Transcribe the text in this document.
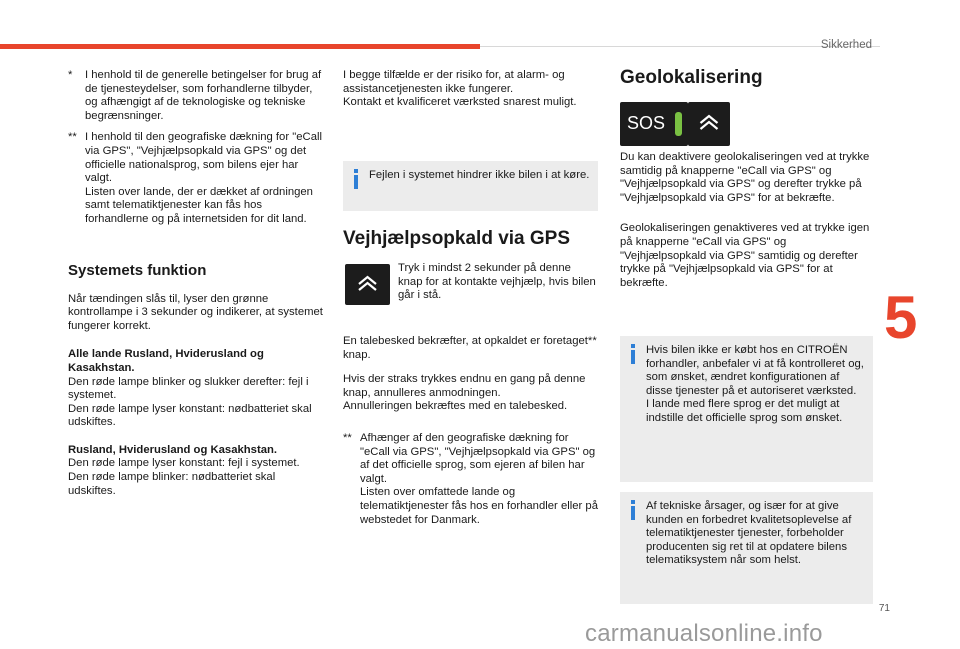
Sikkerhed
5
* I henhold til de generelle betingelser for brug af de tjenesteydelser, som forhandlerne tilbyder, og afhængigt af de teknologiske og tekniske begrænsninger.

** I henhold til den geografiske dækning for "eCall via GPS", "Vejhjælpsopkald via GPS" og det officielle nationalsprog, som bilens ejer har valgt.
Listen over lande, der er dækket af ordningen samt telematiktjenester kan fås hos forhandlerne og på internetsiden for dit land.

Systemets funktion

Når tændingen slås til, lyser den grønne kontrollampe i 3 sekunder og indikerer, at systemet fungerer korrekt.

Alle lande Rusland, Hviderusland og Kasakhstan.

Den røde lampe blinker og slukker derefter: fejl i systemet.
Den røde lampe lyser konstant: nødbatteriet skal udskiftes.

Rusland, Hviderusland og Kasakhstan.

Den røde lampe lyser konstant: fejl i systemet.
Den røde lampe blinker: nødbatteriet skal udskiftes.

I begge tilfælde er der risiko for, at alarm- og assistancetjenesten ikke fungerer.
Kontakt et kvalificeret værksted snarest muligt.

Fejlen i systemet hindrer ikke bilen i at køre.

Vejhjælpsopkald via GPS

Tryk i mindst 2 sekunder på denne knap for at kontakte vejhjælp, hvis bilen går i stå.

En talebesked bekræfter, at opkaldet er foretaget** knap.

Hvis der straks trykkes endnu en gang på denne knap, annulleres anmodningen.
Annulleringen bekræftes med en talebesked.

** Afhænger af den geografiske dækning for "eCall via GPS", "Vejhjælpsopkald via GPS" og af det officielle sprog, som ejeren af bilen har valgt.
Listen over omfattede lande og telematiktjenester fås hos en forhandler eller på webstedet for Danmark.

Geolokalisering
SOS

Du kan deaktivere geolokaliseringen ved at trykke samtidig på knapperne "eCall via GPS" og "Vejhjælpsopkald via GPS" og derefter trykke på "Vejhjælpsopkald via GPS" for at bekræfte.

Geolokaliseringen genaktiveres ved at trykke igen på knapperne "eCall via GPS" og "Vejhjælpsopkald via GPS" samtidig og derefter trykke på "Vejhjælpsopkald via GPS" for at bekræfte.

Hvis bilen ikke er købt hos en CITROËN forhandler, anbefaler vi at få kontrolleret og, som ønsket, ændret konfigurationen af disse tjenester på et autoriseret værksted.
I lande med flere sprog er det muligt at indstille det officielle sprog som ønsket.

Af tekniske årsager, og især for at give kunden en forbedret kvalitetsoplevelse af telematiktjenester tjenester, forbeholder producenten sig ret til at opdatere bilens telematiksystem når som helst.

71
carmanualsonline.info
